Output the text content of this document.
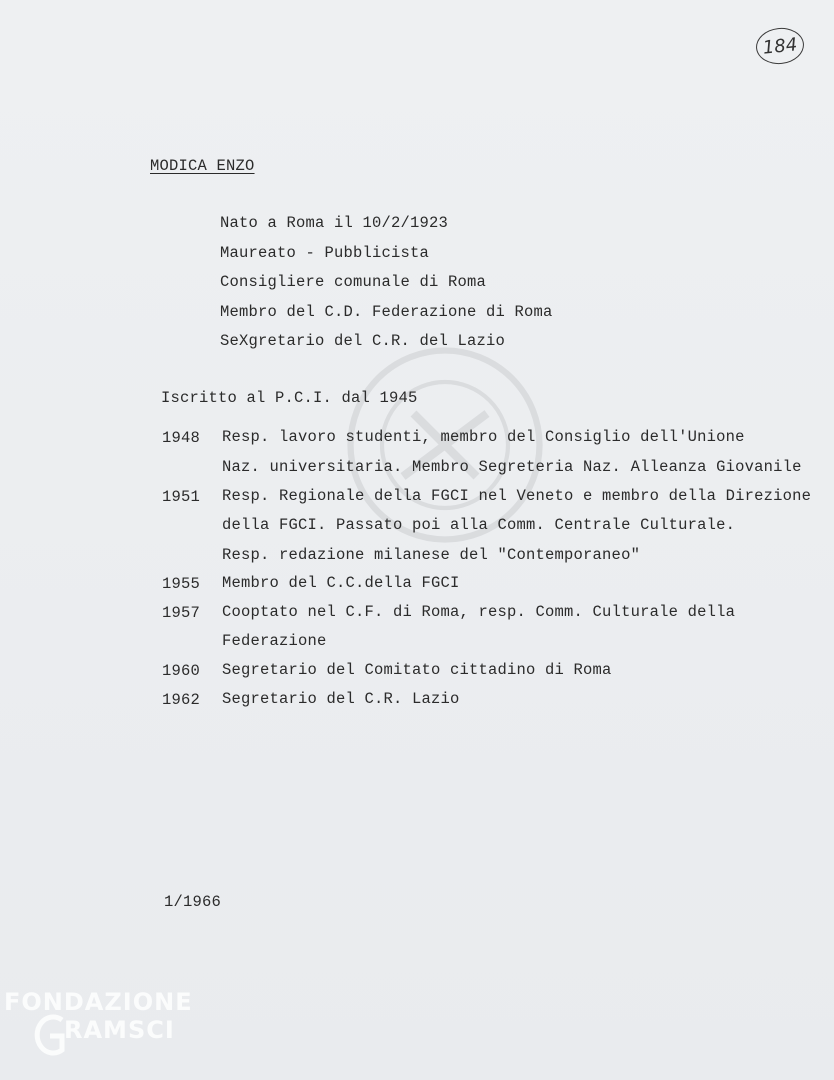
184
MODICA ENZO
Nato a Roma il 10/2/1923
Maureato - Pubblicista
Consigliere comunale di Roma
Membro del C.D. Federazione di Roma
SeXgretario del C.R. del Lazio
Iscritto al P.C.I. dal 1945
1948 Resp. lavoro studenti, membro del Consiglio dell'Unione
Naz. universitaria. Membro Segreteria Naz. Alleanza Giovanile
1951 Resp. Regionale della FGCI nel Veneto e membro della Direzione
della FGCI. Passato poi alla Comm. Centrale Culturale.
Resp. redazione milanese del "Contemporaneo"
1955 Membro del C.C.della FGCI
1957 Cooptato nel C.F. di Roma, resp. Comm. Culturale della
Federazione
1960 Segretario del Comitato cittadino di Roma
1962 Segretario del C.R. Lazio
1/1966
FONDAZIONE
RAMSCI
